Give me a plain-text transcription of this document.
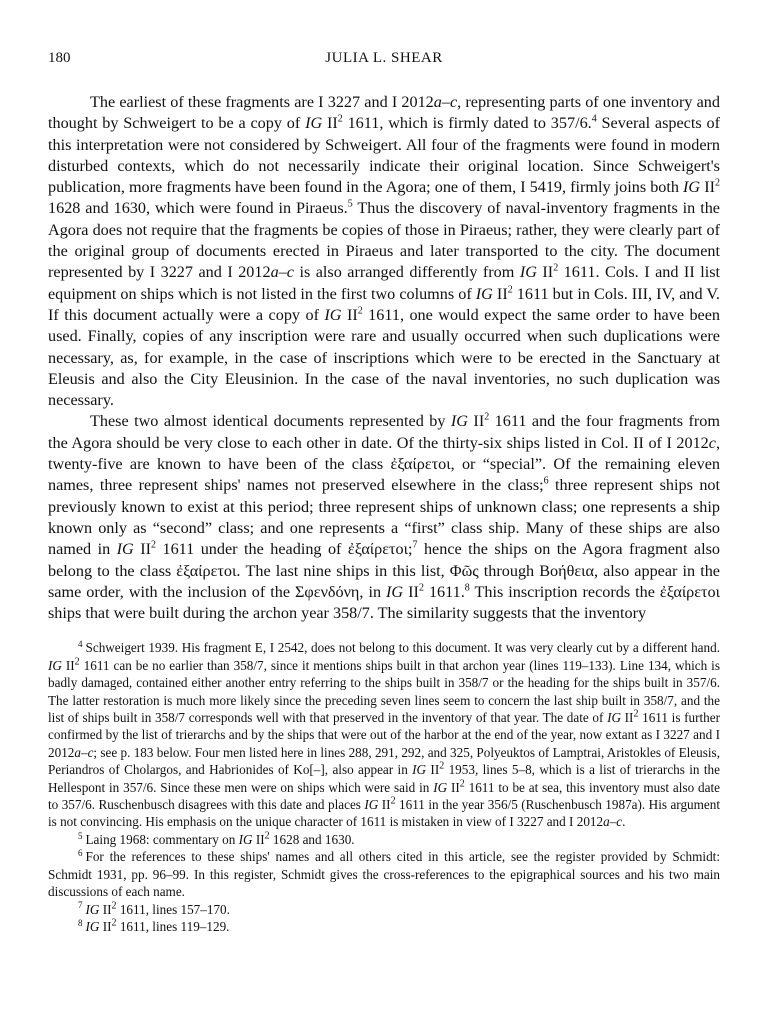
180	JULIA L. SHEAR

The earliest of these fragments are I 3227 and I 2012a–c, representing parts of one inventory and thought by Schweigert to be a copy of IG II$^2$ 1611, which is firmly dated to 357/6.$^4$ Several aspects of this interpretation were not considered by Schweigert. All four of the fragments were found in modern disturbed contexts, which do not necessarily indicate their original location. Since Schweigert's publication, more fragments have been found in the Agora; one of them, I 5419, firmly joins both IG II$^2$ 1628 and 1630, which were found in Piraeus.$^5$ Thus the discovery of naval-inventory fragments in the Agora does not require that the fragments be copies of those in Piraeus; rather, they were clearly part of the original group of documents erected in Piraeus and later transported to the city. The document represented by I 3227 and I 2012a–c is also arranged differently from IG II$^2$ 1611. Cols. I and II list equipment on ships which is not listed in the first two columns of IG II$^2$ 1611 but in Cols. III, IV, and V. If this document actually were a copy of IG II$^2$ 1611, one would expect the same order to have been used. Finally, copies of any inscription were rare and usually occurred when such duplications were necessary, as, for example, in the case of inscriptions which were to be erected in the Sanctuary at Eleusis and also the City Eleusinion. In the case of the naval inventories, no such duplication was necessary.

These two almost identical documents represented by IG II$^2$ 1611 and the four fragments from the Agora should be very close to each other in date. Of the thirty-six ships listed in Col. II of I 2012c, twenty-five are known to have been of the class ἐξαίρετοι, or “special”. Of the remaining eleven names, three represent ships' names not preserved elsewhere in the class;$^6$ three represent ships not previously known to exist at this period; three represent ships of unknown class; one represents a ship known only as “second” class; and one represents a “first” class ship. Many of these ships are also named in IG II$^2$ 1611 under the heading of ἐξαίρετοι;$^7$ hence the ships on the Agora fragment also belong to the class ἐξαίρετοι. The last nine ships in this list, Φῶς through Βοήθεια, also appear in the same order, with the inclusion of the Σφενδόνη, in IG II$^2$ 1611.$^8$ This inscription records the ἐξαίρετοι ships that were built during the archon year 358/7. The similarity suggests that the inventory

$^4$ Schweigert 1939. His fragment E, I 2542, does not belong to this document. It was very clearly cut by a different hand. IG II$^2$ 1611 can be no earlier than 358/7, since it mentions ships built in that archon year (lines 119–133). Line 134, which is badly damaged, contained either another entry referring to the ships built in 358/7 or the heading for the ships built in 357/6. The latter restoration is much more likely since the preceding seven lines seem to concern the last ship built in 358/7, and the list of ships built in 358/7 corresponds well with that preserved in the inventory of that year. The date of IG II$^2$ 1611 is further confirmed by the list of trierarchs and by the ships that were out of the harbor at the end of the year, now extant as I 3227 and I 2012a–c; see p. 183 below. Four men listed here in lines 288, 291, 292, and 325, Polyeuktos of Lamptrai, Aristokles of Eleusis, Periandros of Cholargos, and Habrionides of Ko[–], also appear in IG II$^2$ 1953, lines 5–8, which is a list of trierarchs in the Hellespont in 357/6. Since these men were on ships which were said in IG II$^2$ 1611 to be at sea, this inventory must also date to 357/6. Ruschenbusch disagrees with this date and places IG II$^2$ 1611 in the year 356/5 (Ruschenbusch 1987a). His argument is not convincing. His emphasis on the unique character of 1611 is mistaken in view of I 3227 and I 2012a–c.

$^5$ Laing 1968: commentary on IG II$^2$ 1628 and 1630.

$^6$ For the references to these ships' names and all others cited in this article, see the register provided by Schmidt: Schmidt 1931, pp. 96–99. In this register, Schmidt gives the cross-references to the epigraphical sources and his two main discussions of each name.

$^7$ IG II$^2$ 1611, lines 157–170.

$^8$ IG II$^2$ 1611, lines 119–129.
